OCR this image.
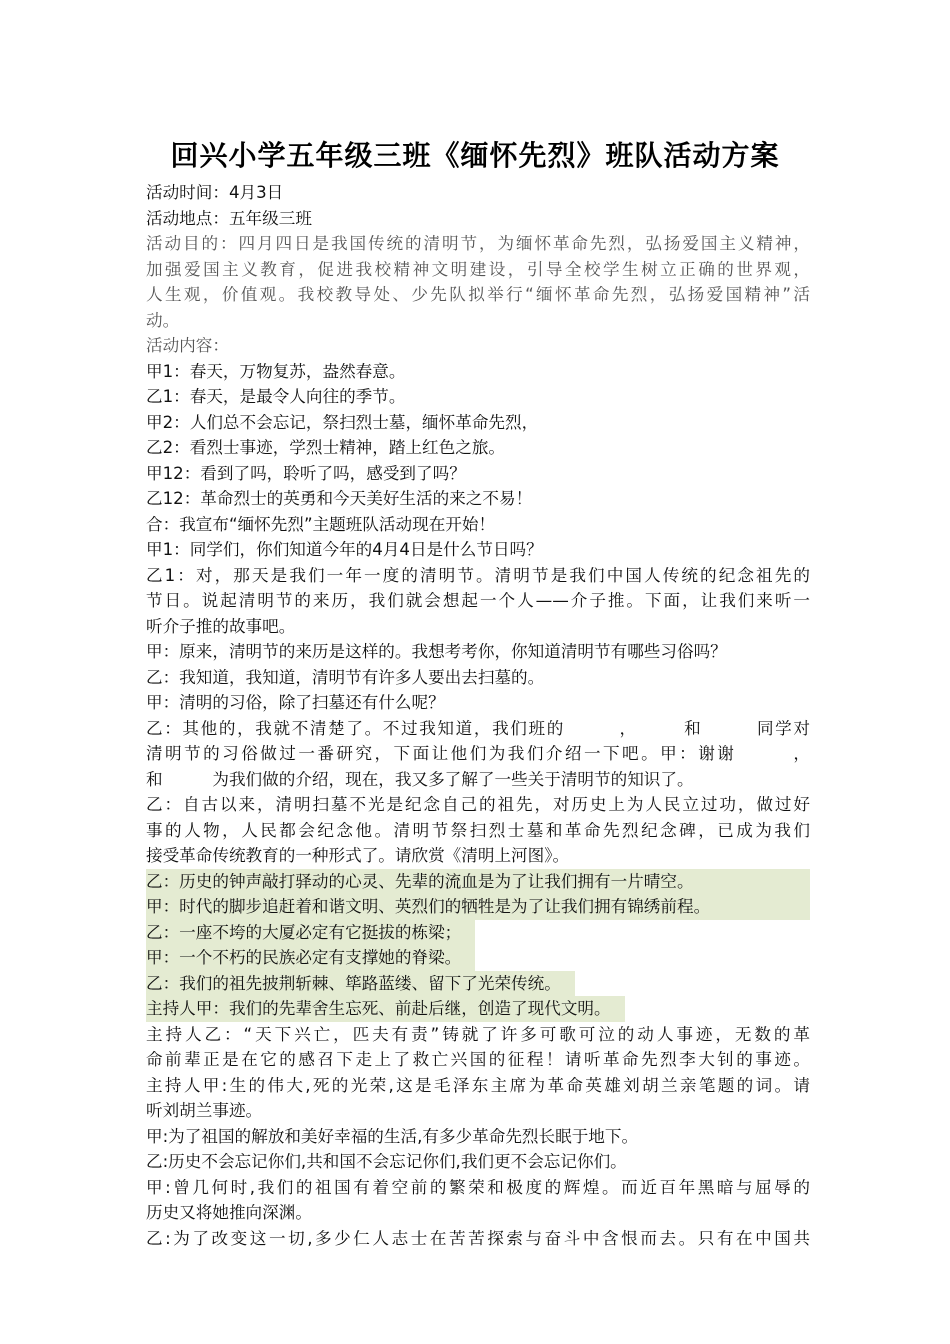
回兴小学五年级三班《缅怀先烈》班队活动方案
活动时间：4月3日
活动地点：五年级三班
活动目的：四月四日是我国传统的清明节，为缅怀革命先烈，弘扬爱国主义精神，
加强爱国主义教育，促进我校精神文明建设，引导全校学生树立正确的世界观，
人生观，价值观。我校教导处、少先队拟举行“缅怀革命先烈，弘扬爱国精神”活
动。
活动内容：
甲1：春天，万物复苏，盎然春意。
乙1：春天，是最令人向往的季节。
甲2：人们总不会忘记，祭扫烈士墓，缅怀革命先烈，
乙2：看烈士事迹，学烈士精神，踏上红色之旅。
甲12：看到了吗，聆听了吗，感受到了吗？
乙12：革命烈士的英勇和今天美好生活的来之不易！
合：我宣布“缅怀先烈”主题班队活动现在开始！
甲1：同学们，你们知道今年的4月4日是什么节日吗？
乙1：对，那天是我们一年一度的清明节。清明节是我们中国人传统的纪念祖先的
节日。说起清明节的来历，我们就会想起一个人——介子推。下面，让我们来听一
听介子推的故事吧。
甲：原来，清明节的来历是这样的。我想考考你，你知道清明节有哪些习俗吗？
乙：我知道，我知道，清明节有许多人要出去扫墓的。
甲：清明的习俗，除了扫墓还有什么呢？
乙：其他的，我就不清楚了。不过我知道，我们班的　　　，　　　和　　　同学对
清明节的习俗做过一番研究，下面让他们为我们介绍一下吧。甲：谢谢　　　，
和　　　为我们做的介绍，现在，我又多了解了一些关于清明节的知识了。
乙：自古以来，清明扫墓不光是纪念自己的祖先，对历史上为人民立过功，做过好
事的人物，人民都会纪念他。清明节祭扫烈士墓和革命先烈纪念碑，已成为我们
接受革命传统教育的一种形式了。请欣赏《清明上河图》。
乙：历史的钟声敲打驿动的心灵、先辈的流血是为了让我们拥有一片晴空。
甲：时代的脚步追赶着和谐文明、英烈们的牺牲是为了让我们拥有锦绣前程。
乙：一座不垮的大厦必定有它挺拔的栋梁；
甲：一个不朽的民族必定有支撑她的脊梁。
乙：我们的祖先披荆斩棘、筚路蓝缕、留下了光荣传统。
主持人甲：我们的先辈舍生忘死、前赴后继，创造了现代文明。
主持人乙：“天下兴亡，匹夫有责”铸就了许多可歌可泣的动人事迹，无数的革
命前辈正是在它的感召下走上了救亡兴国的征程！请听革命先烈李大钊的事迹。
主持人甲:生的伟大,死的光荣,这是毛泽东主席为革命英雄刘胡兰亲笔题的词。请
听刘胡兰事迹。
甲:为了祖国的解放和美好幸福的生活,有多少革命先烈长眠于地下。
乙:历史不会忘记你们,共和国不会忘记你们,我们更不会忘记你们。
甲:曾几何时,我们的祖国有着空前的繁荣和极度的辉煌。而近百年黑暗与屈辱的
历史又将她推向深渊。
乙:为了改变这一切,多少仁人志士在苦苦探索与奋斗中含恨而去。只有在中国共
